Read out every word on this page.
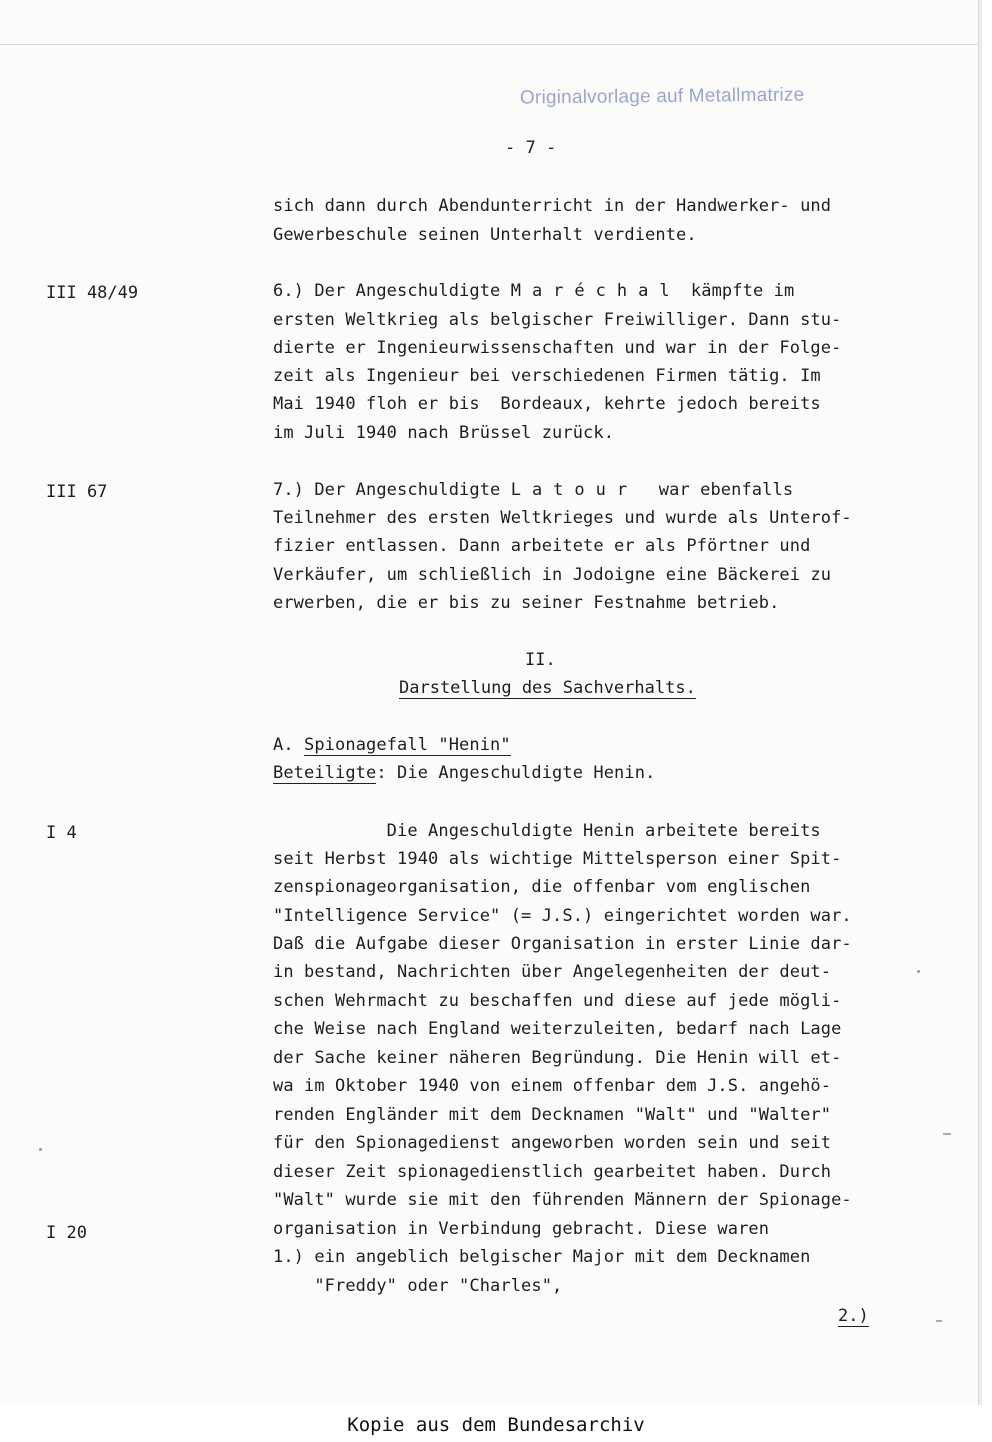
Originalvorlage auf Metallmatrize
- 7 -
sich dann durch Abendunterricht in der Handwerker- und
Gewerbeschule seinen Unterhalt verdiente.
III 48/49	6.) Der Angeschuldigte Maréchal kämpfte im
ersten Weltkrieg als belgischer Freiwilliger. Dann stu-
dierte er Ingenieurwissenschaften und war in der Folge-
zeit als Ingenieur bei verschiedenen Firmen tätig. Im
Mai 1940 floh er bis  Bordeaux, kehrte jedoch bereits
im Juli 1940 nach Brüssel zurück.
III 67	7.) Der Angeschuldigte Latour  war ebenfalls
Teilnehmer des ersten Weltkrieges und wurde als Unterof-
fizier entlassen. Dann arbeitete er als Pförtner und
Verkäufer, um schließlich in Jodoigne eine Bäckerei zu
erwerben, die er bis zu seiner Festnahme betrieb.
II.
Darstellung des Sachverhalts.
A. Spionagefall "Henin"
Beteiligte: Die Angeschuldigte Henin.
I 4
I 20
Die Angeschuldigte Henin arbeitete bereits
seit Herbst 1940 als wichtige Mittelsperson einer Spit-
zenspionageorganisation, die offenbar vom englischen
"Intelligence Service" (= J.S.) eingerichtet worden war.
Daß die Aufgabe dieser Organisation in erster Linie dar-
in bestand, Nachrichten über Angelegenheiten der deut-
schen Wehrmacht zu beschaffen und diese auf jede mögli-
che Weise nach England weiterzuleiten, bedarf nach Lage
der Sache keiner näheren Begründung. Die Henin will et-
wa im Oktober 1940 von einem offenbar dem J.S. angehö-
renden Engländer mit dem Decknamen "Walt" und "Walter"
für den Spionagedienst angeworben worden sein und seit
dieser Zeit spionagedienstlich gearbeitet haben. Durch
"Walt" wurde sie mit den führenden Männern der Spionage-
organisation in Verbindung gebracht. Diese waren
1.) ein angeblich belgischer Major mit dem Decknamen
"Freddy" oder "Charles",
2.)
Kopie aus dem Bundesarchiv
